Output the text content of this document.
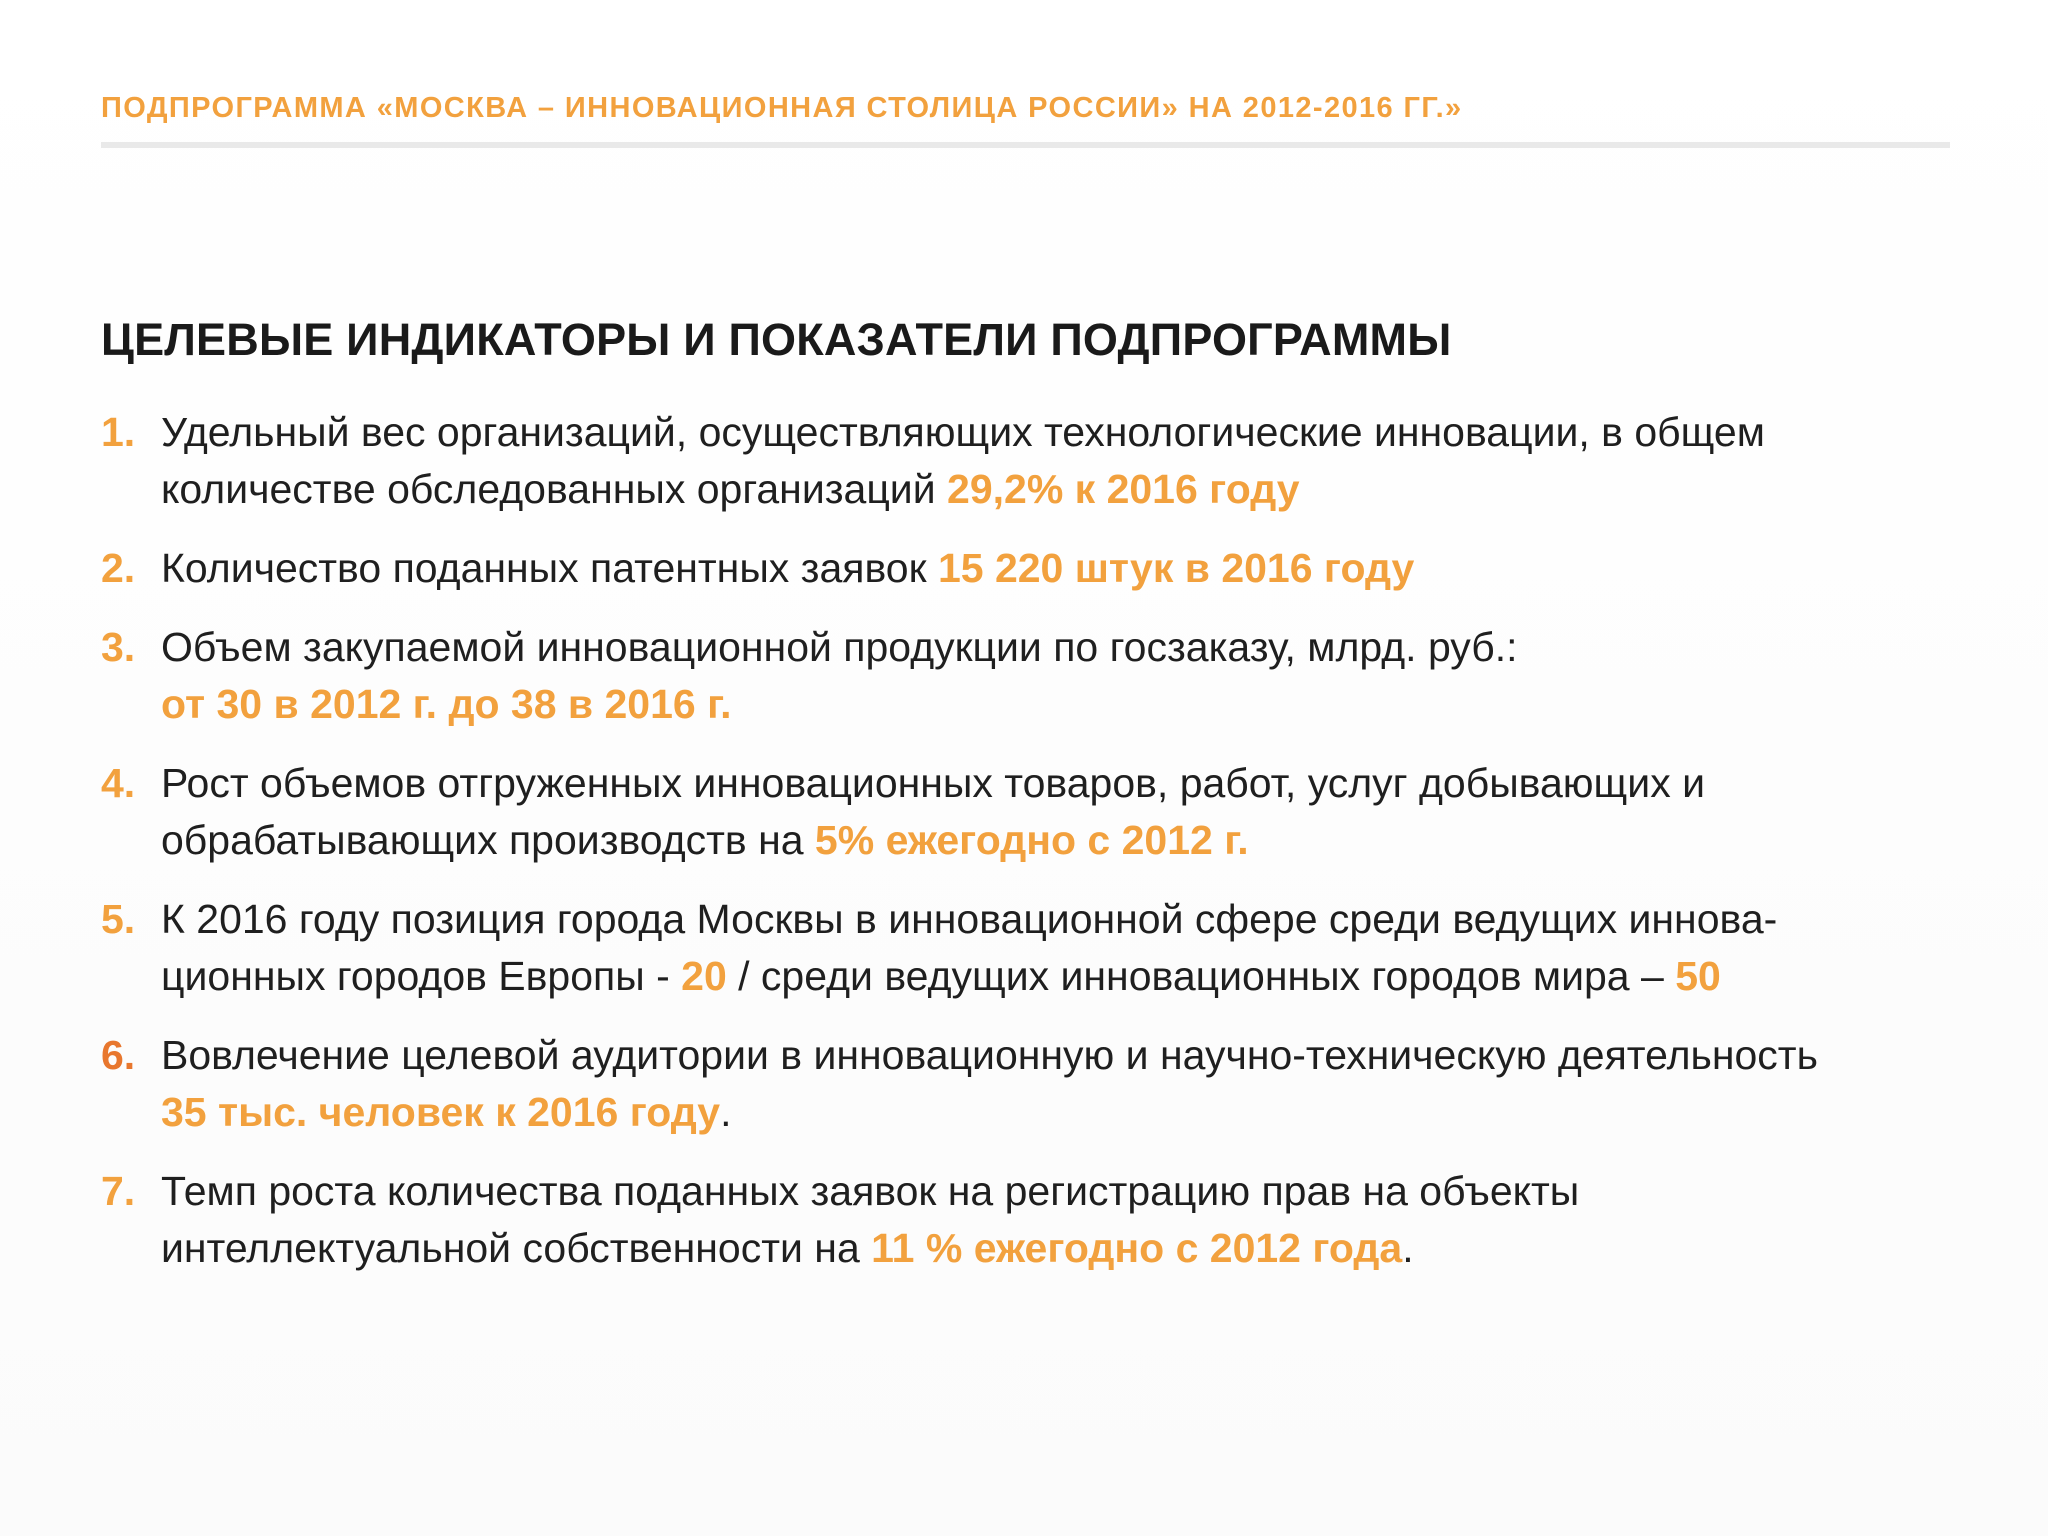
ПОДПРОГРАММА «МОСКВА – ИННОВАЦИОННАЯ СТОЛИЦА РОССИИ» НА 2012-2016 ГГ.»
ЦЕЛЕВЫЕ ИНДИКАТОРЫ И ПОКАЗАТЕЛИ ПОДПРОГРАММЫ
1. Удельный вес организаций, осуществляющих технологические инновации, в общем
количестве обследованных организаций 29,2% к 2016 году
2. Количество поданных патентных заявок 15 220 штук в 2016 году
3. Объем закупаемой инновационной продукции по госзаказу, млрд. руб.:
от 30 в 2012 г. до 38 в 2016 г.
4. Рост объемов отгруженных инновационных товаров, работ, услуг добывающих и
обрабатывающих производств на 5% ежегодно с 2012 г.
5. К 2016 году позиция города Москвы в инновационной сфере среди ведущих иннова-
ционных городов Европы - 20 / среди ведущих инновационных городов мира – 50
6. Вовлечение целевой аудитории в инновационную и научно-техническую деятельность
35 тыс. человек к 2016 году.
7. Темп роста количества поданных заявок на регистрацию прав на объекты
интеллектуальной собственности на 11 % ежегодно с 2012 года.
